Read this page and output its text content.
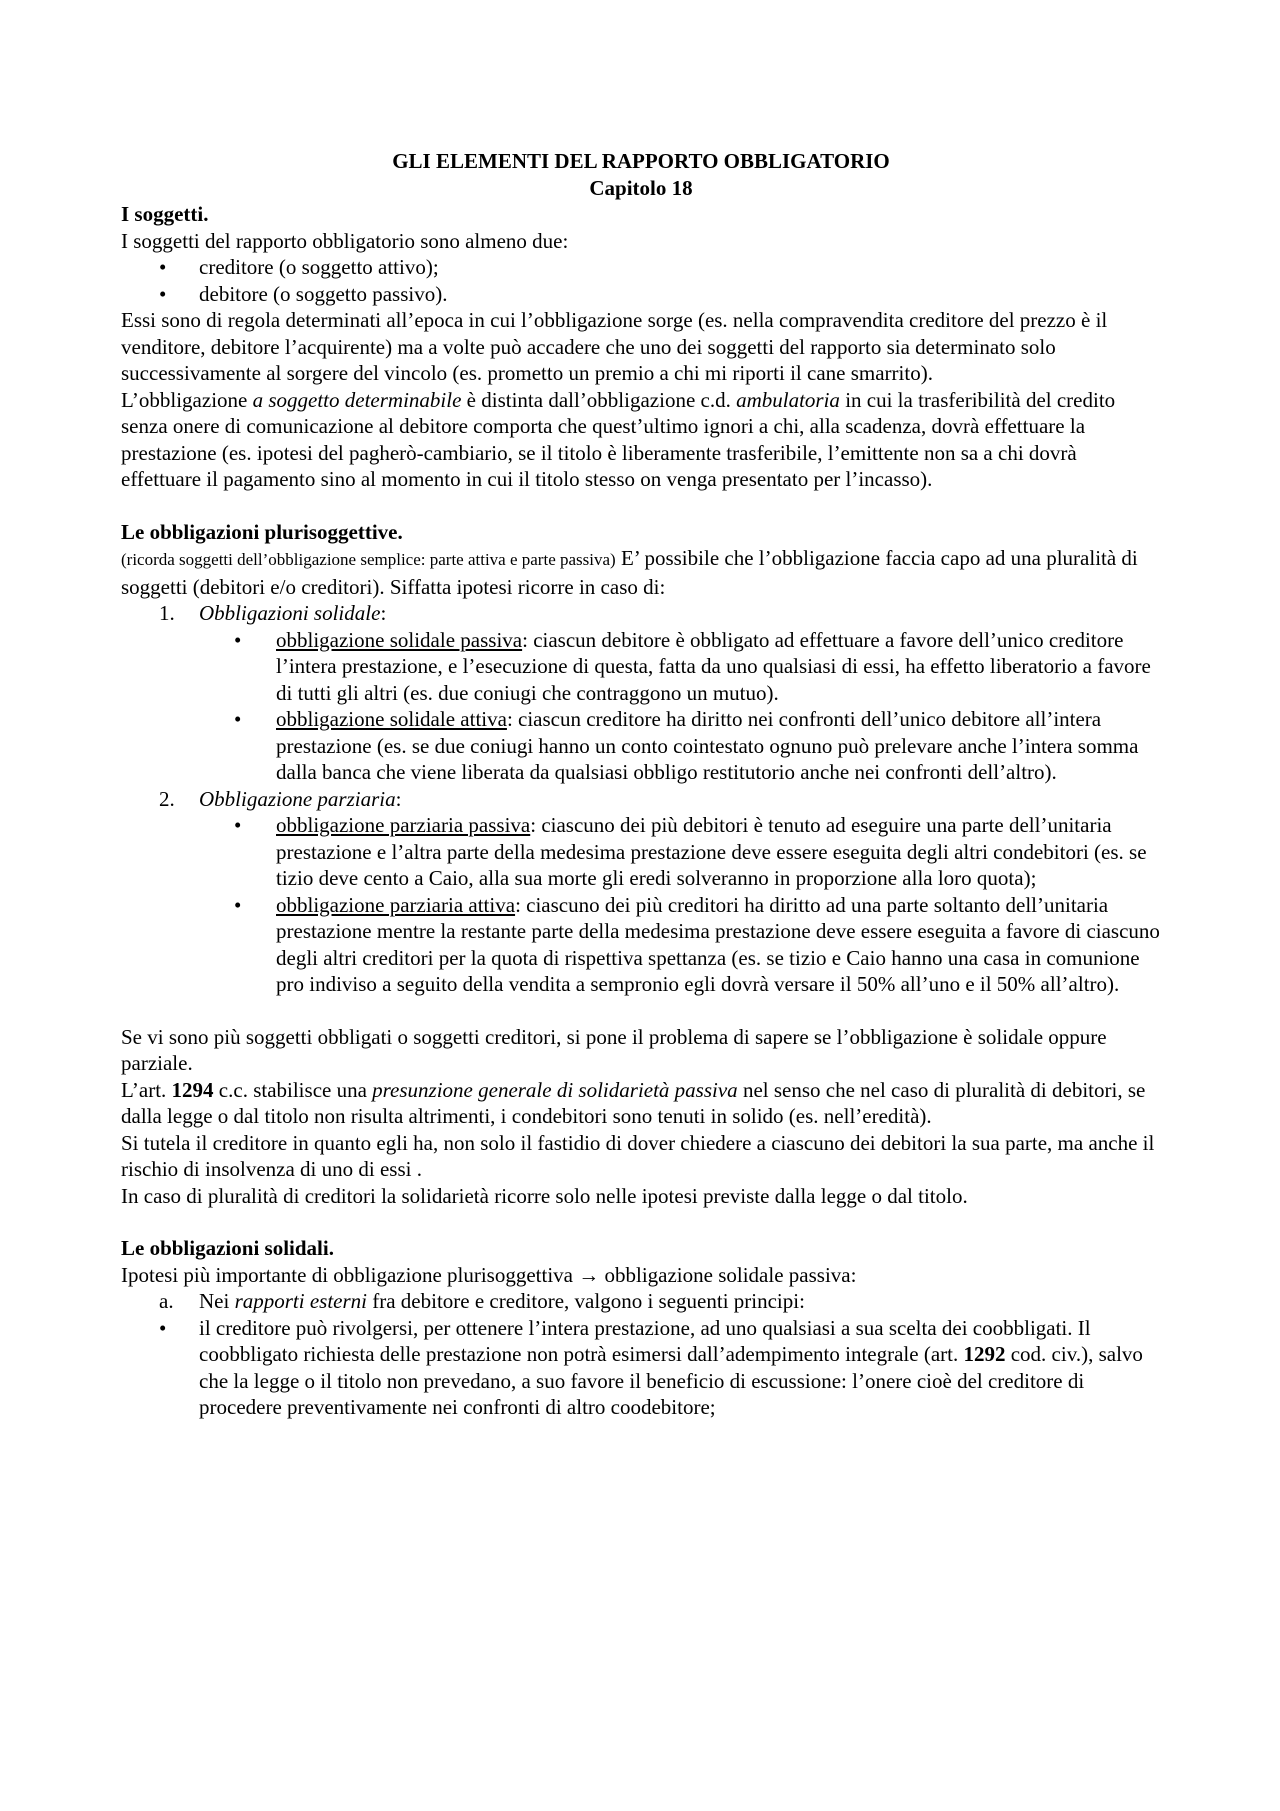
GLI ELEMENTI DEL RAPPORTO OBBLIGATORIO

Capitolo 18

I soggetti.

I soggetti del rapporto obbligatorio sono almeno due:

• creditore (o soggetto attivo);
• debitore (o soggetto passivo).

Essi sono di regola determinati all’epoca in cui l’obbligazione sorge (es. nella compravendita creditore del prezzo è il venditore, debitore l’acquirente) ma a volte può accadere che uno dei soggetti del rapporto sia determinato solo successivamente al sorgere del vincolo (es. prometto un premio a chi mi riporti il cane smarrito).

L’obbligazione a soggetto determinabile è distinta dall’obbligazione c.d. ambulatoria in cui la trasferibilità del credito senza onere di comunicazione al debitore comporta che quest’ultimo ignori a chi, alla scadenza, dovrà effettuare la prestazione (es. ipotesi del pagherò-cambiario, se il titolo è liberamente trasferibile, l’emittente non sa a chi dovrà effettuare il pagamento sino al momento in cui il titolo stesso on venga presentato per l’incasso).

Le obbligazioni plurisoggettive.

(ricorda soggetti dell’obbligazione semplice: parte attiva e parte passiva) E’ possibile che l’obbligazione faccia capo ad una pluralità di soggetti (debitori e/o creditori). Siffatta ipotesi ricorre in caso di:

1. Obbligazioni solidale:
• obbligazione solidale passiva: ciascun debitore è obbligato ad effettuare a favore dell’unico creditore l’intera prestazione, e l’esecuzione di questa, fatta da uno qualsiasi di essi, ha effetto liberatorio a favore di tutti gli altri (es. due coniugi che contraggono un mutuo).
• obbligazione solidale attiva: ciascun creditore ha diritto nei confronti dell’unico debitore all’intera prestazione (es. se due coniugi hanno un conto cointestato ognuno può prelevare anche l’intera somma dalla banca che viene liberata da qualsiasi obbligo restitutorio anche nei confronti dell’altro).
2. Obbligazione parziaria:
• obbligazione parziaria passiva: ciascuno dei più debitori è tenuto ad eseguire una parte dell’unitaria prestazione e l’altra parte della medesima prestazione deve essere eseguita degli altri condebitori (es. se tizio deve cento a Caio, alla sua morte gli eredi solveranno in proporzione alla loro quota);
• obbligazione parziaria attiva: ciascuno dei più creditori ha diritto ad una parte soltanto dell’unitaria prestazione mentre la restante parte della medesima prestazione deve essere eseguita a favore di ciascuno degli altri creditori per la quota di rispettiva spettanza (es. se tizio e Caio hanno una casa in comunione pro indiviso a seguito della vendita a sempronio egli dovrà versare il 50% all’uno e il 50% all’altro).

Se vi sono più soggetti obbligati o soggetti creditori, si pone il problema di sapere se l’obbligazione è solidale oppure parziale.

L’art. 1294 c.c. stabilisce una presunzione generale di solidarietà passiva nel senso che nel caso di pluralità di debitori, se dalla legge o dal titolo non risulta altrimenti, i condebitori sono tenuti in solido (es. nell’eredità).

Si tutela il creditore in quanto egli ha, non solo il fastidio di dover chiedere a ciascuno dei debitori la sua parte, ma anche il rischio di insolvenza di uno di essi .

In caso di pluralità di creditori la solidarietà ricorre solo nelle ipotesi previste dalla legge o dal titolo.

Le obbligazioni solidali.

Ipotesi più importante di obbligazione plurisoggettiva → obbligazione solidale passiva:

a. Nei rapporti esterni fra debitore e creditore, valgono i seguenti principi:
• il creditore può rivolgersi, per ottenere l’intera prestazione, ad uno qualsiasi a sua scelta dei coobbligati. Il coobbligato richiesta delle prestazione non potrà esimersi dall’adempimento integrale (art. 1292 cod. civ.), salvo che la legge o il titolo non prevedano, a suo favore il beneficio di escussione: l’onere cioè del creditore di procedere preventivamente nei confronti di altro coodebitore;
